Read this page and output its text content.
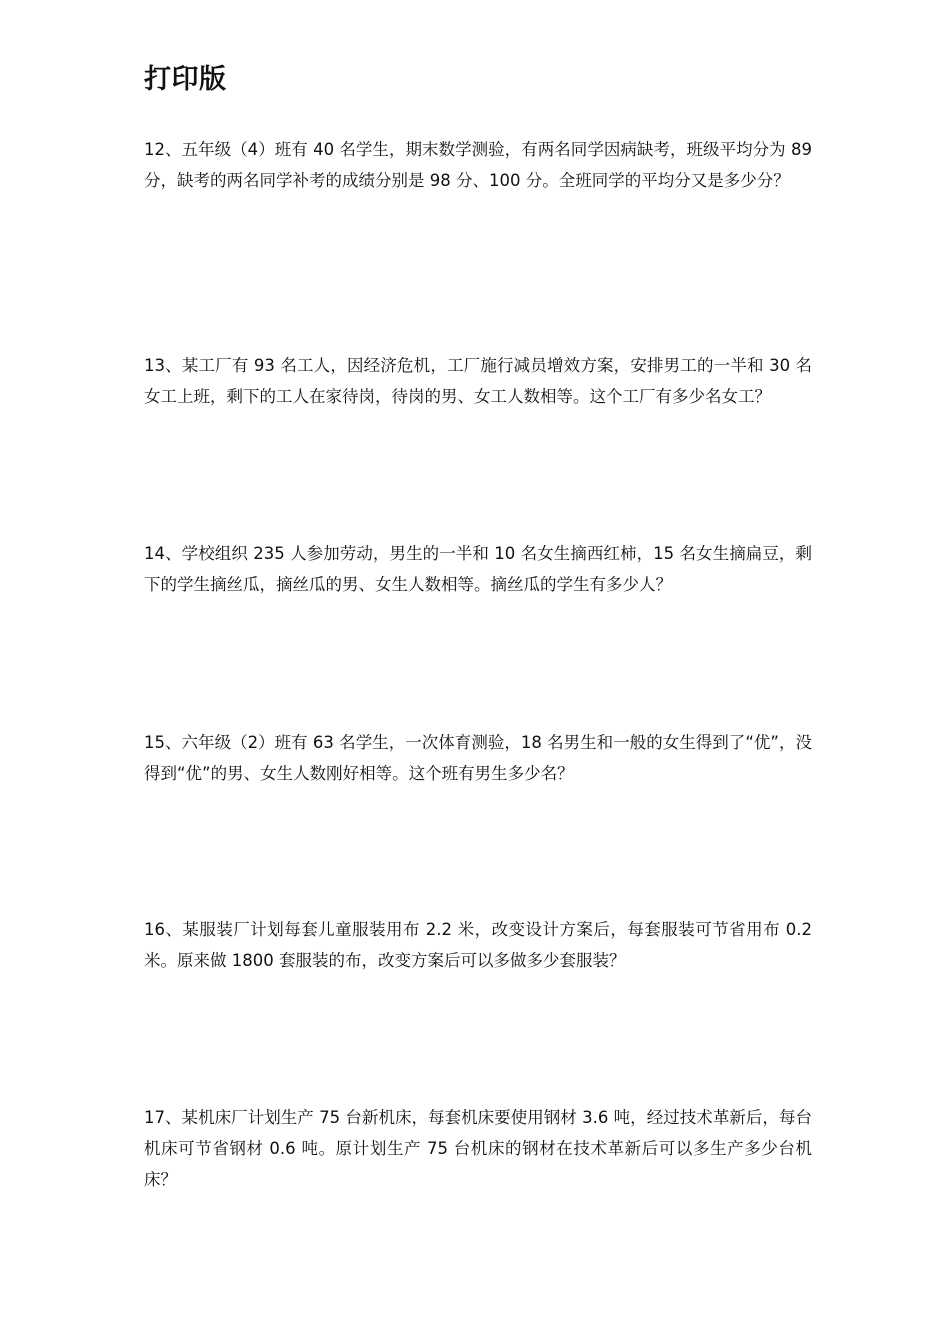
打印版

12、五年级（4）班有 40 名学生，期末数学测验，有两名同学因病缺考，班级平均分为 89 分，缺考的两名同学补考的成绩分别是 98 分、100 分。全班同学的平均分又是多少分？

13、某工厂有 93 名工人，因经济危机，工厂施行减员增效方案，安排男工的一半和 30 名女工上班，剩下的工人在家待岗，待岗的男、女工人数相等。这个工厂有多少名女工？

14、学校组织 235 人参加劳动，男生的一半和 10 名女生摘西红柿，15 名女生摘扁豆，剩下的学生摘丝瓜，摘丝瓜的男、女生人数相等。摘丝瓜的学生有多少人？

15、六年级（2）班有 63 名学生，一次体育测验，18 名男生和一般的女生得到了“优”，没得到“优”的男、女生人数刚好相等。这个班有男生多少名？

16、某服装厂计划每套儿童服装用布 2.2 米，改变设计方案后，每套服装可节省用布 0.2 米。原来做 1800 套服装的布，改变方案后可以多做多少套服装？

17、某机床厂计划生产 75 台新机床，每套机床要使用钢材 3.6 吨，经过技术革新后，每台机床可节省钢材 0.6 吨。原计划生产 75 台机床的钢材在技术革新后可以多生产多少台机床？
